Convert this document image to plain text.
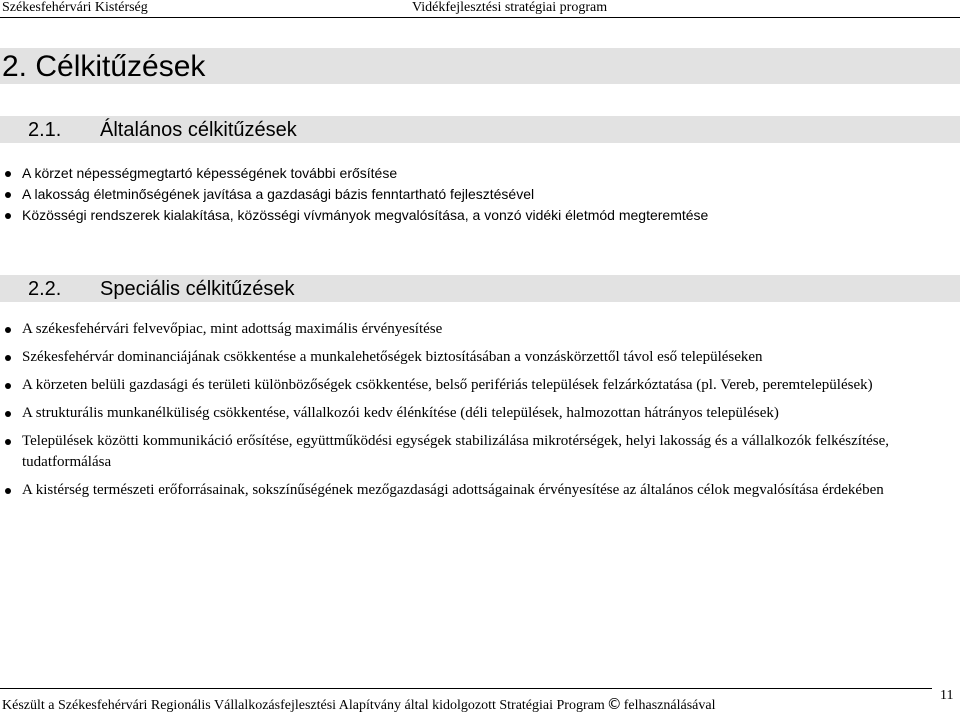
Székesfehérvári Kistérség	Vidékfejlesztési stratégiai program
2. Célkitűzések
2.1. Általános célkitűzések
A körzet népességmegtartó képességének további erősítése
A lakosság életminőségének javítása a gazdasági bázis fenntartható fejlesztésével
Közösségi rendszerek kialakítása, közösségi vívmányok megvalósítása, a vonzó vidéki életmód megteremtése
2.2. Speciális célkitűzések
A székesfehérvári felvevőpiac, mint adottság maximális érvényesítése
Székesfehérvár dominanciájának csökkentése a munkalehetőségek biztosításában a vonzáskörzettől távol eső településeken
A körzeten belüli gazdasági és területi különbözőségek csökkentése, belső perifériás települések felzárkóztatása (pl. Vereb, peremtelepülések)
A strukturális munkanélküliség csökkentése, vállalkozói kedv élénkítése (déli települések, halmozottan hátrányos települések)
Települések közötti kommunikáció erősítése, együttműködési egységek stabilizálása mikrotérségek, helyi lakosság és a vállalkozók felkészítése, tudatformálása
A kistérség természeti erőforrásainak, sokszínűségének mezőgazdasági adottságainak érvényesítése az általános célok megvalósítása érdekében
Készült a Székesfehérvári Regionális Vállalkozásfejlesztési Alapítvány által kidolgozott Stratégiai Program © felhasználásával
11
